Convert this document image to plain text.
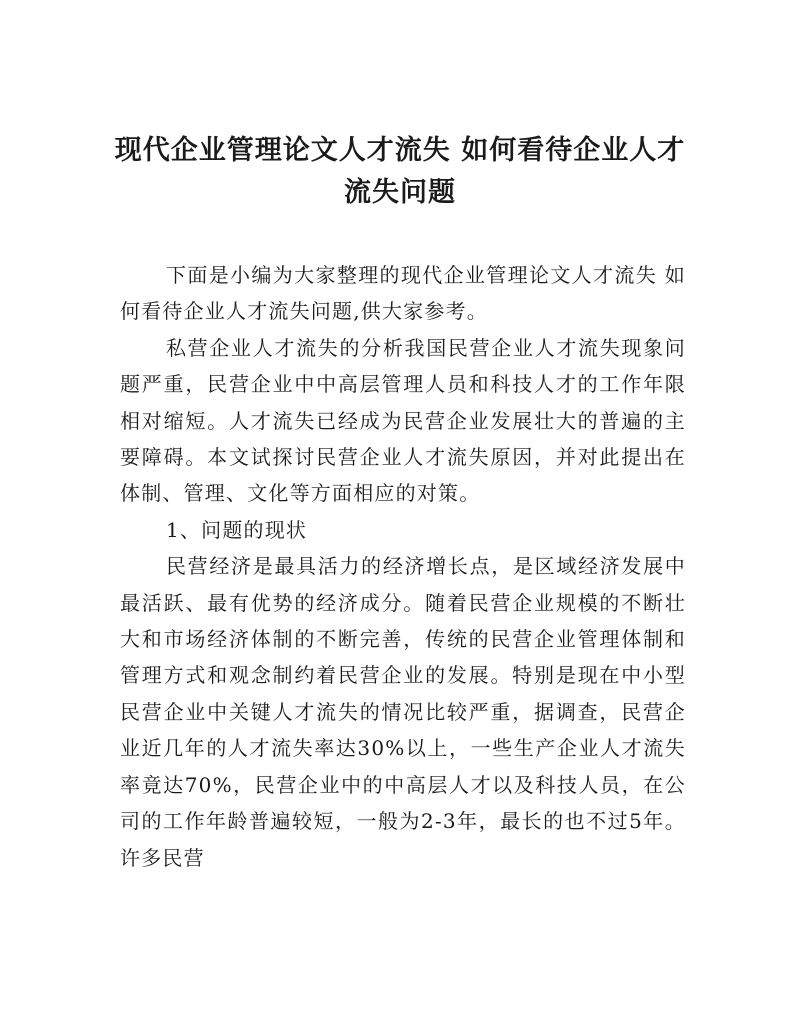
现代企业管理论文人才流失 如何看待企业人才流失问题

下面是小编为大家整理的现代企业管理论文人才流失 如何看待企业人才流失问题,供大家参考。

私营企业人才流失的分析我国民营企业人才流失现象问题严重，民营企业中中高层管理人员和科技人才的工作年限相对缩短。人才流失已经成为民营企业发展壮大的普遍的主要障碍。本文试探讨民营企业人才流失原因，并对此提出在体制、管理、文化等方面相应的对策。

1、问题的现状

民营经济是最具活力的经济增长点，是区域经济发展中最活跃、最有优势的经济成分。随着民营企业规模的不断壮大和市场经济体制的不断完善，传统的民营企业管理体制和管理方式和观念制约着民营企业的发展。特别是现在中小型民营企业中关键人才流失的情况比较严重，据调查，民营企业近几年的人才流失率达30%以上，一些生产企业人才流失率竟达70%，民营企业中的中高层人才以及科技人员，在公司的工作年龄普遍较短，一般为2-3年，最长的也不过5年。许多民营
